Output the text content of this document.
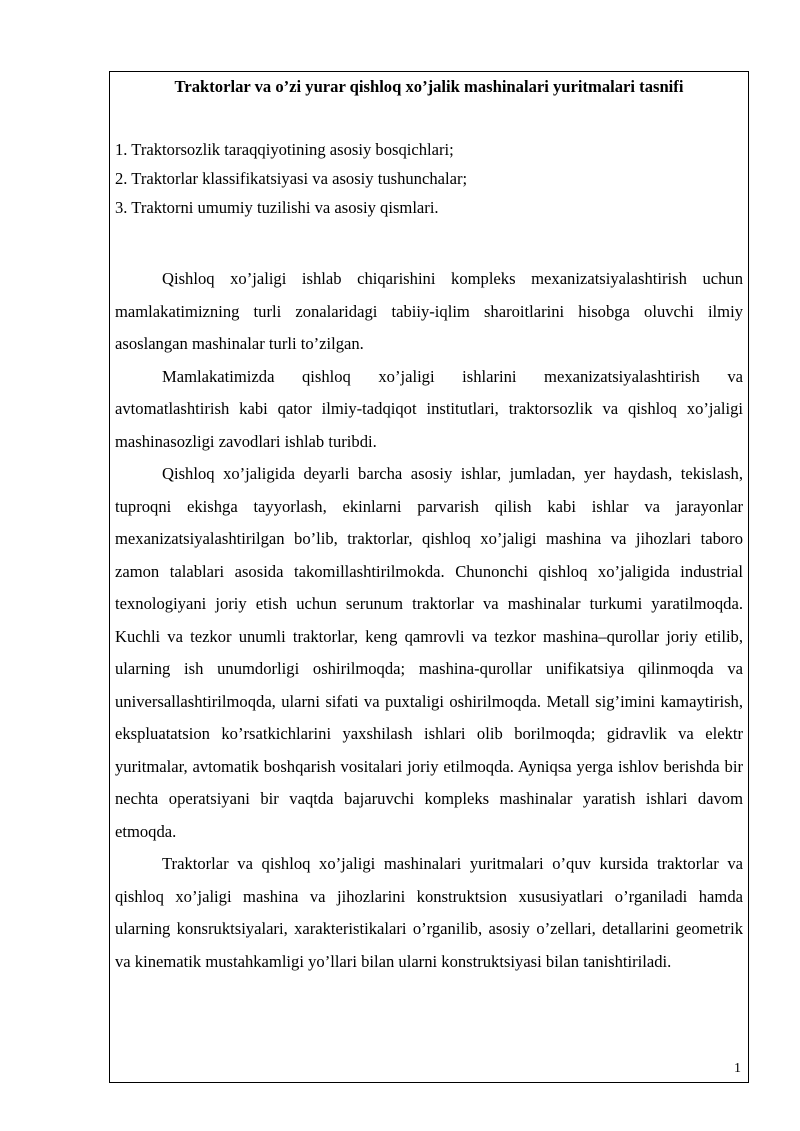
Traktorlar va o’zi yurar qishloq xo’jalik mashinalari yuritmalari tasnifi
1. Traktorsozlik taraqqiyotining asosiy bosqichlari;
2. Traktorlar klassifikatsiyasi va asosiy tushunchalar;
3. Traktorni umumiy tuzilishi va asosiy qismlari.

Qishloq xo’jaligi ishlab chiqarishini kompleks mexanizatsiyalashtirish uchun mamlakatimizning turli zonalaridagi tabiiy-iqlim sharoitlarini hisobga oluvchi ilmiy asoslangan mashinalar turli to’zilgan.

Mamlakatimizda qishloq xo’jaligi ishlarini mexanizatsiyalashtirish va avtomatlashtirish kabi qator ilmiy-tadqiqot institutlari, traktorsozlik va qishloq xo’jaligi mashinasozligi zavodlari ishlab turibdi.

Qishloq xo’jaligida deyarli barcha asosiy ishlar, jumladan, yer haydash, tekislash, tuproqni ekishga tayyorlash, ekinlarni parvarish qilish kabi ishlar va jarayonlar mexanizatsiyalashtirilgan bo’lib, traktorlar, qishloq xo’jaligi mashina va jihozlari taboro zamon talablari asosida takomillashtirilmokda. Chunonchi qishloq xo’jaligida industrial texnologiyani joriy etish uchun serunum traktorlar va mashinalar turkumi yaratilmoqda. Kuchli va tezkor unumli traktorlar, keng qamrovli va tezkor mashina–qurollar joriy etilib, ularning ish unumdorligi oshirilmoqda; mashina-qurollar unifikatsiya qilinmoqda va universallashtirilmoqda, ularni sifati va puxtaligi oshirilmoqda. Metall sig’imini kamaytirish, ekspluatatsion ko’rsatkichlarini yaxshilash ishlari olib borilmoqda; gidravlik va elektr yuritmalar, avtomatik boshqarish vositalari joriy etilmoqda. Ayniqsa yerga ishlov berishda bir nechta operatsiyani bir vaqtda bajaruvchi kompleks mashinalar yaratish ishlari davom etmoqda.

Traktorlar va qishloq xo’jaligi mashinalari yuritmalari o’quv kursida traktorlar va qishloq xo’jaligi mashina va jihozlarini konstruktsion xususiyatlari o’rganiladi hamda ularning konsruktsiyalari, xarakteristikalari o’rganilib, asosiy o’zellari, detallarini geometrik va kinematik mustahkamligi yo’llari bilan ularni konstruktsiyasi bilan tanishtiriladi.

1
